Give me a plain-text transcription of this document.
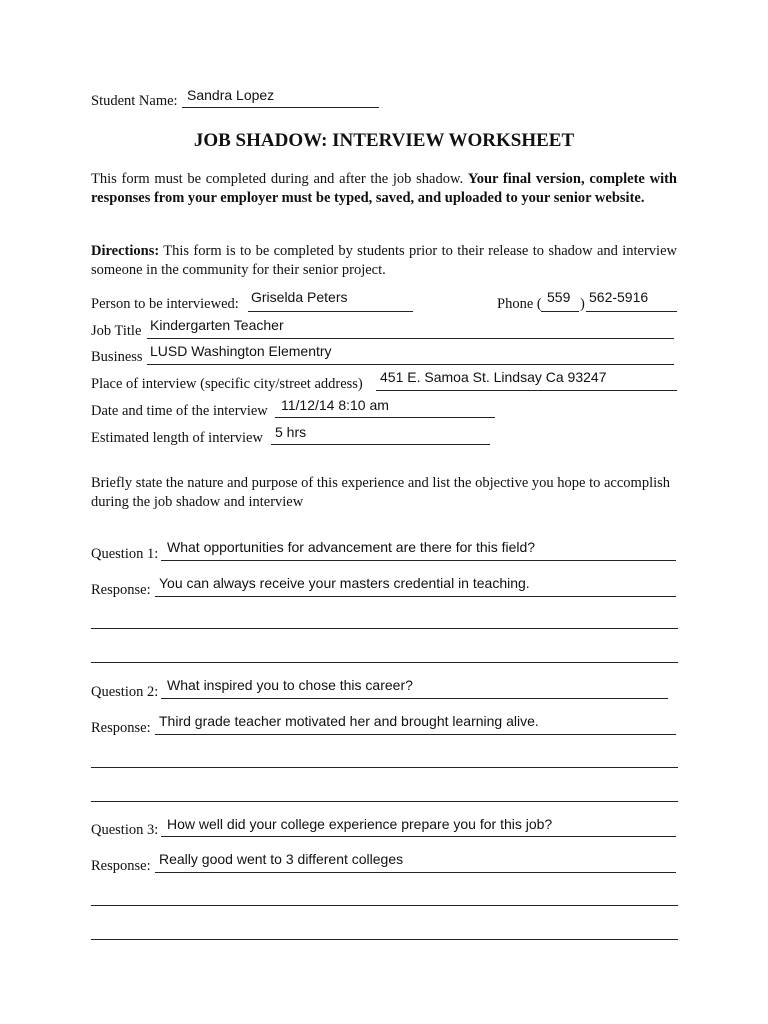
Student Name: Sandra Lopez
JOB SHADOW: INTERVIEW WORKSHEET
This form must be completed during and after the job shadow. Your final version, complete with responses from your employer must be typed, saved, and uploaded to your senior website.
Directions: This form is to be completed by students prior to their release to shadow and interview someone in the community for their senior project.
Person to be interviewed: Griselda Peters	Phone ( 559 ) 562-5916
Job Title Kindergarten Teacher
Business LUSD Washington Elementry
Place of interview (specific city/street address) 451 E. Samoa St. Lindsay Ca 93247
Date and time of the interview 11/12/14 8:10 am
Estimated length of interview 5 hrs
Briefly state the nature and purpose of this experience and list the objective you hope to accomplish during the job shadow and interview
Question 1: What opportunities for advancement are there for this field?
Response: You can always receive your masters credential in teaching.
Question 2: What inspired you to chose this career?
Response: Third grade teacher motivated her and brought learning alive.
Question 3: How well did your college experience prepare you for this job?
Response: Really good went to 3 different colleges
